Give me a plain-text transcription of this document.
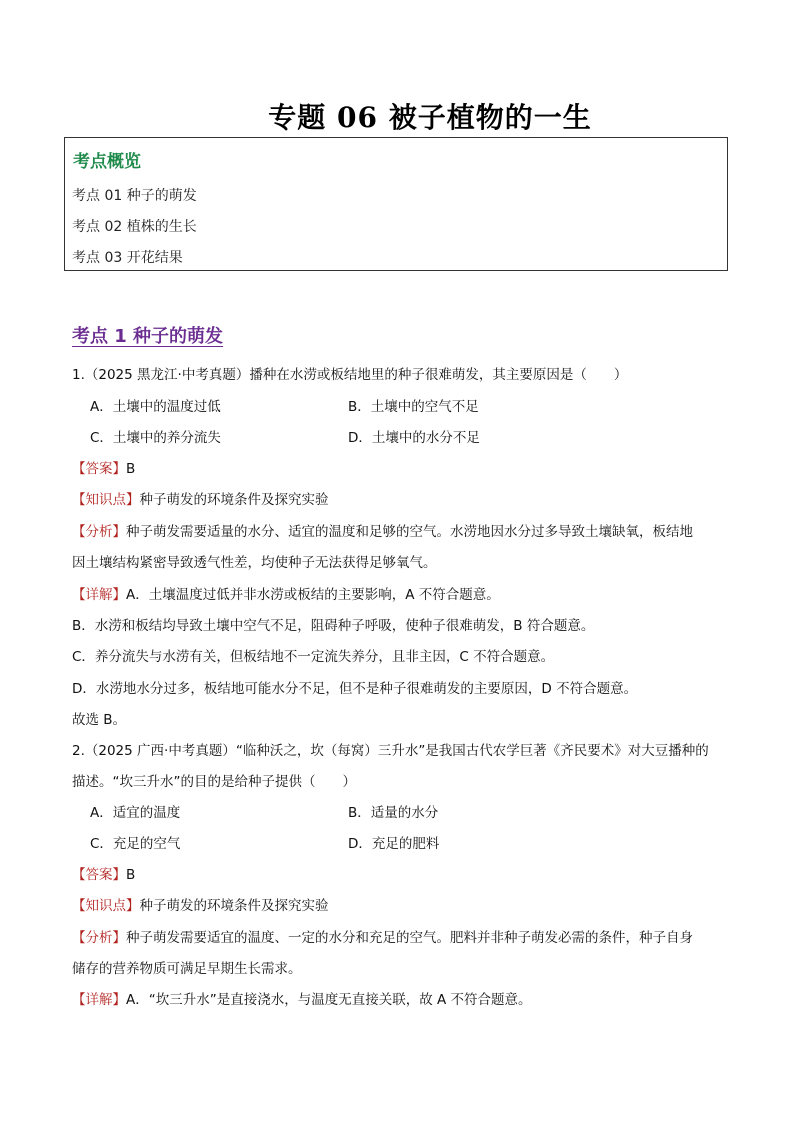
专题 06 被子植物的一生
考点概览
考点 01 种子的萌发
考点 02 植株的生长
考点 03 开花结果
考点 1 种子的萌发
1.（2025 黑龙江·中考真题）播种在水涝或板结地里的种子很难萌发，其主要原因是（　　）
A．土壤中的温度过低	B．土壤中的空气不足
C．土壤中的养分流失	D．土壤中的水分不足
【答案】B
【知识点】种子萌发的环境条件及探究实验
【分析】种子萌发需要适量的水分、适宜的温度和足够的空气。水涝地因水分过多导致土壤缺氧，板结地
因土壤结构紧密导致透气性差，均使种子无法获得足够氧气。
【详解】A．土壤温度过低并非水涝或板结的主要影响，A 不符合题意。
B．水涝和板结均导致土壤中空气不足，阻碍种子呼吸，使种子很难萌发，B 符合题意。
C．养分流失与水涝有关，但板结地不一定流失养分，且非主因，C 不符合题意。
D．水涝地水分过多，板结地可能水分不足，但不是种子很难萌发的主要原因，D 不符合题意。
故选 B。
2.（2025 广西·中考真题）“临种沃之，坎（每窝）三升水”是我国古代农学巨著《齐民要术》对大豆播种的
描述。“坎三升水”的目的是给种子提供（　　）
A．适宜的温度	B．适量的水分
C．充足的空气	D．充足的肥料
【答案】B
【知识点】种子萌发的环境条件及探究实验
【分析】种子萌发需要适宜的温度、一定的水分和充足的空气。肥料并非种子萌发必需的条件，种子自身
储存的营养物质可满足早期生长需求。
【详解】A．“坎三升水”是直接浇水，与温度无直接关联，故 A 不符合题意。
